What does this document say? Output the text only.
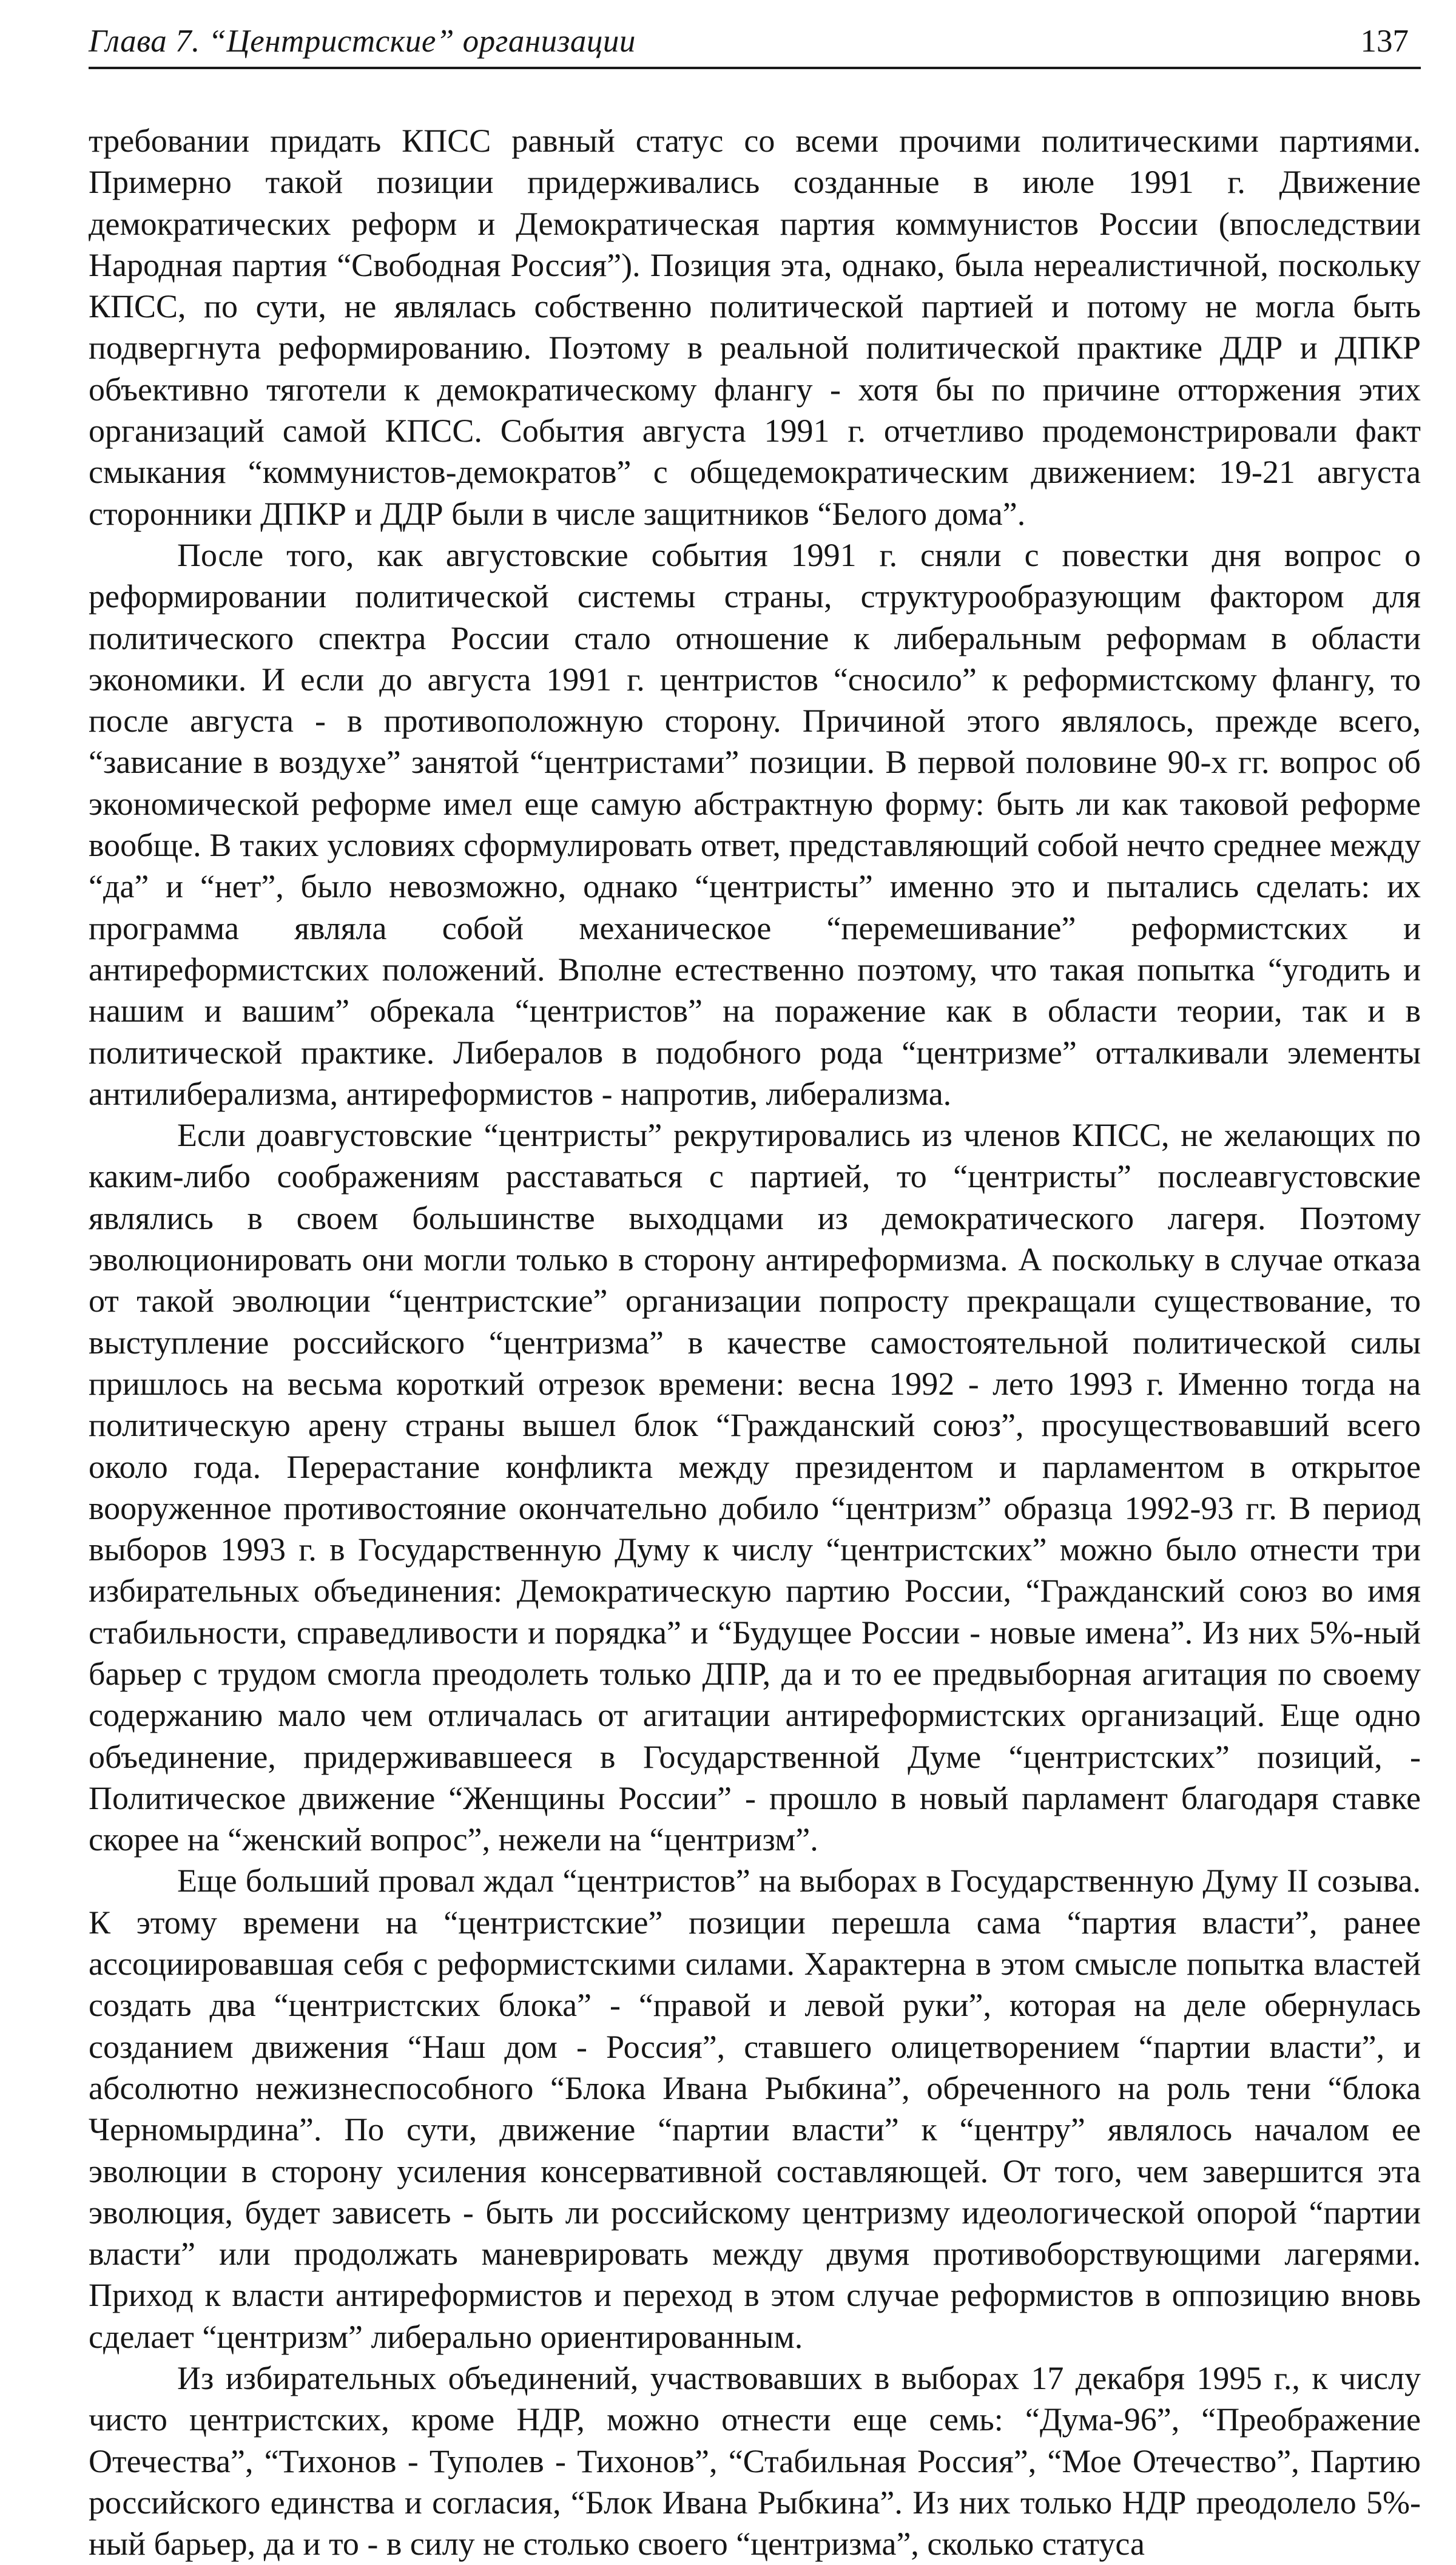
Глава 7. “Центристские” организации	137

требовании придать КПСС равный статус со всеми прочими политическими партиями. Примерно такой позиции придерживались созданные в июле 1991 г. Движение демократических реформ и Демократическая партия коммунистов России (впоследствии Народная партия “Свободная Россия”). Позиция эта, однако, была нереалистичной, поскольку КПСС, по сути, не являлась собственно политической партией и потому не могла быть подвергнута реформированию. Поэтому в реальной политической практике ДДР и ДПКР объективно тяготели к демократическому флангу - хотя бы по причине отторжения этих организаций самой КПСС. События августа 1991 г. отчетливо продемонстрировали факт смыкания “коммунистов-демократов” с общедемократическим движением: 19-21 августа сторонники ДПКР и ДДР были в числе защитников “Белого дома”.

После того, как августовские события 1991 г. сняли с повестки дня вопрос о реформировании политической системы страны, структурообразующим фактором для политического спектра России стало отношение к либеральным реформам в области экономики. И если до августа 1991 г. центристов “сносило” к реформистскому флангу, то после августа - в противоположную сторону. Причиной этого являлось, прежде всего, “зависание в воздухе” занятой “центристами” позиции. В первой половине 90-х гг. вопрос об экономической реформе имел еще самую абстрактную форму: быть ли как таковой реформе вообще. В таких условиях сформулировать ответ, представляющий собой нечто среднее между “да” и “нет”, было невозможно, однако “центристы” именно это и пытались сделать: их программа являла собой механическое “перемешивание” реформистских и антиреформистских положений. Вполне естественно поэтому, что такая попытка “угодить и нашим и вашим” обрекала “центристов” на поражение как в области теории, так и в политической практике. Либералов в подобного рода “центризме” отталкивали элементы антилиберализма, антиреформистов - напротив, либерализма.

Если доавгустовские “центристы” рекрутировались из членов КПСС, не желающих по каким-либо соображениям расставаться с партией, то “центристы” послеавгустовские являлись в своем большинстве выходцами из демократического лагеря. Поэтому эволюционировать они могли только в сторону антиреформизма. А поскольку в случае отказа от такой эволюции “центристские” организации попросту прекращали существование, то выступление российского “центризма” в качестве самостоятельной политической силы пришлось на весьма короткий отрезок времени: весна 1992 - лето 1993 г. Именно тогда на политическую арену страны вышел блок “Гражданский союз”, просуществовавший всего около года. Перерастание конфликта между президентом и парламентом в открытое вооруженное противостояние окончательно добило “центризм” образца 1992-93 гг. В период выборов 1993 г. в Государственную Думу к числу “центристских” можно было отнести три избирательных объединения: Демократическую партию России, “Гражданский союз во имя стабильности, справедливости и порядка” и “Будущее России - новые имена”. Из них 5%-ный барьер с трудом смогла преодолеть только ДПР, да и то ее предвыборная агитация по своему содержанию мало чем отличалась от агитации антиреформистских организаций. Еще одно объединение, придерживавшееся в Государственной Думе “центристских” позиций, - Политическое движение “Женщины России” - прошло в новый парламент благодаря ставке скорее на “женский вопрос”, нежели на “центризм”.

Еще больший провал ждал “центристов” на выборах в Государственную Думу II созыва. К этому времени на “центристские” позиции перешла сама “партия власти”, ранее ассоциировавшая себя с реформистскими силами. Характерна в этом смысле попытка властей создать два “центристских блока” - “правой и левой руки”, которая на деле обернулась созданием движения “Наш дом - Россия”, ставшего олицетворением “партии власти”, и абсолютно нежизнеспособного “Блока Ивана Рыбкина”, обреченного на роль тени “блока Черномырдина”. По сути, движение “партии власти” к “центру” являлось началом ее эволюции в сторону усиления консервативной составляющей. От того, чем завершится эта эволюция, будет зависеть - быть ли российскому центризму идеологической опорой “партии власти” или продолжать маневрировать между двумя противоборствующими лагерями. Приход к власти антиреформистов и переход в этом случае реформистов в оппозицию вновь сделает “центризм” либерально ориентированным.

Из избирательных объединений, участвовавших в выборах 17 декабря 1995 г., к числу чисто центристских, кроме НДР, можно отнести еще семь: “Дума-96”, “Преображение Отечества”, “Тихонов - Туполев - Тихонов”, “Стабильная Россия”, “Мое Отечество”, Партию российского единства и согласия, “Блок Ивана Рыбкина”. Из них только НДР преодолело 5%-ный барьер, да и то - в силу не столько своего “центризма”, сколько статуса
